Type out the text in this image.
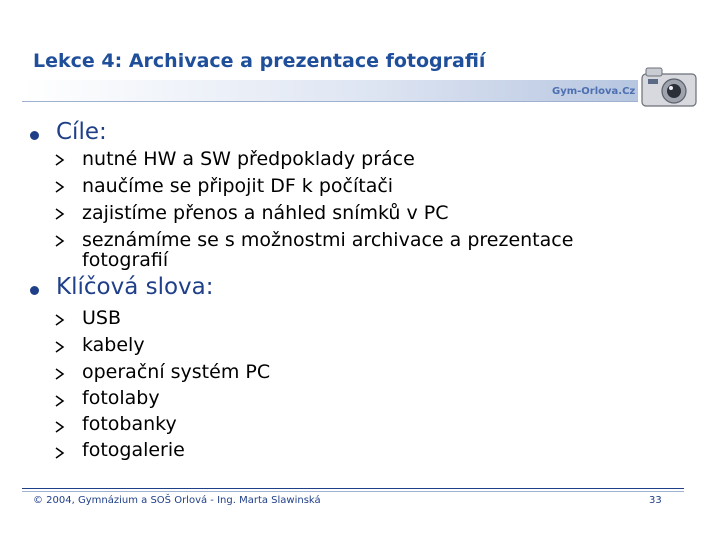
Lekce 4: Archivace a prezentace fotografií
Gym-Orlova.Cz
Cíle:
nutné HW a SW předpoklady práce
naučíme se připojit DF k počítači
zajistíme přenos a náhled snímků v PC
seznámíme se s možnostmi archivace a prezentace
fotografií
Klíčová slova:
USB
kabely
operační systém PC
fotolaby
fotobanky
fotogalerie
© 2004, Gymnázium a SOŠ Orlová - Ing. Marta Slawinská	33
